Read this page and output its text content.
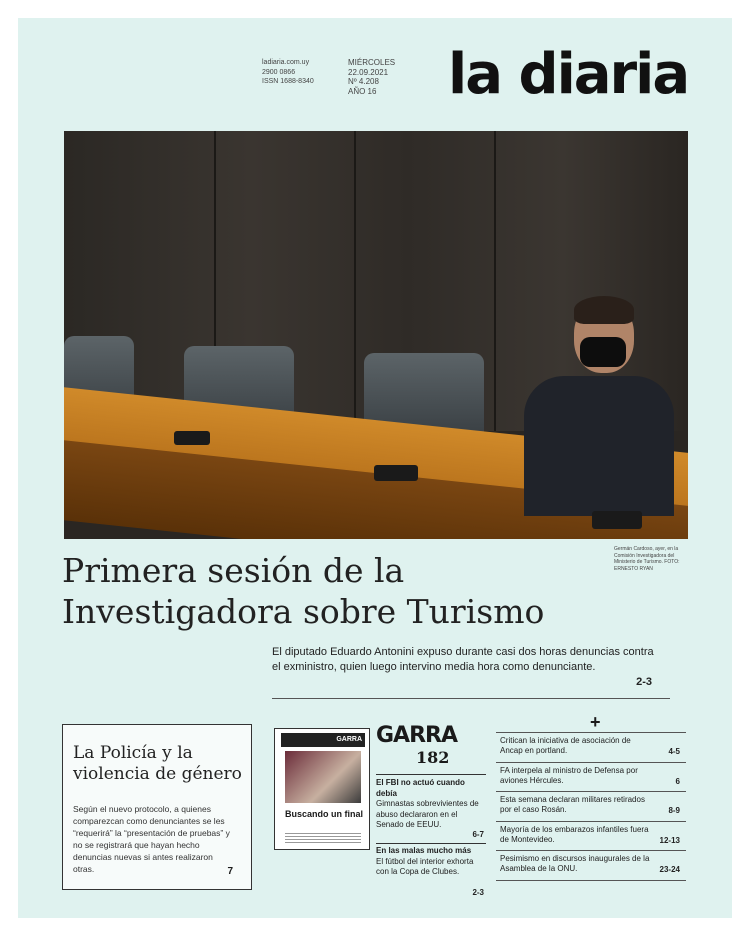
ladiaria.com.uy
2900 0866
ISSN 1688-8340
MIÉRCOLES
22.09.2021
Nº 4.208
AÑO 16	la diaria
Germán Cardoso, ayer, en la Comisión Investigadora del Ministerio de Turismo. FOTO: ERNESTO RYAN
Primera sesión de la
Investigadora sobre Turismo
El diputado Eduardo Antonini expuso durante casi dos horas denuncias contra el exministro, quien luego intervino media hora como denunciante.
2-3
La Policía y la violencia de género
Según el nuevo protocolo, a quienes comparezcan como denunciantes se les “requerirá” la “presentación de pruebas” y no se registrará que hayan hecho denuncias nuevas si antes realizaron otras.	7
GARRA
Buscando un final
GARRA
182
El FBI no actuó cuando debía
Gimnastas sobrevivientes de abuso declararon en el Senado de EEUU.
6-7
En las malas mucho más
El fútbol del interior exhorta con la Copa de Clubes.
2-3
+
Critican la iniciativa de asociación de Ancap en portland.	4-5
FA interpela al ministro de Defensa por aviones Hércules.	6
Esta semana declaran militares retirados por el caso Rosán.	8-9
Mayoría de los embarazos infantiles fuera de Montevideo.	12-13
Pesimismo en discursos inaugurales de la Asamblea de la ONU.	23-24
